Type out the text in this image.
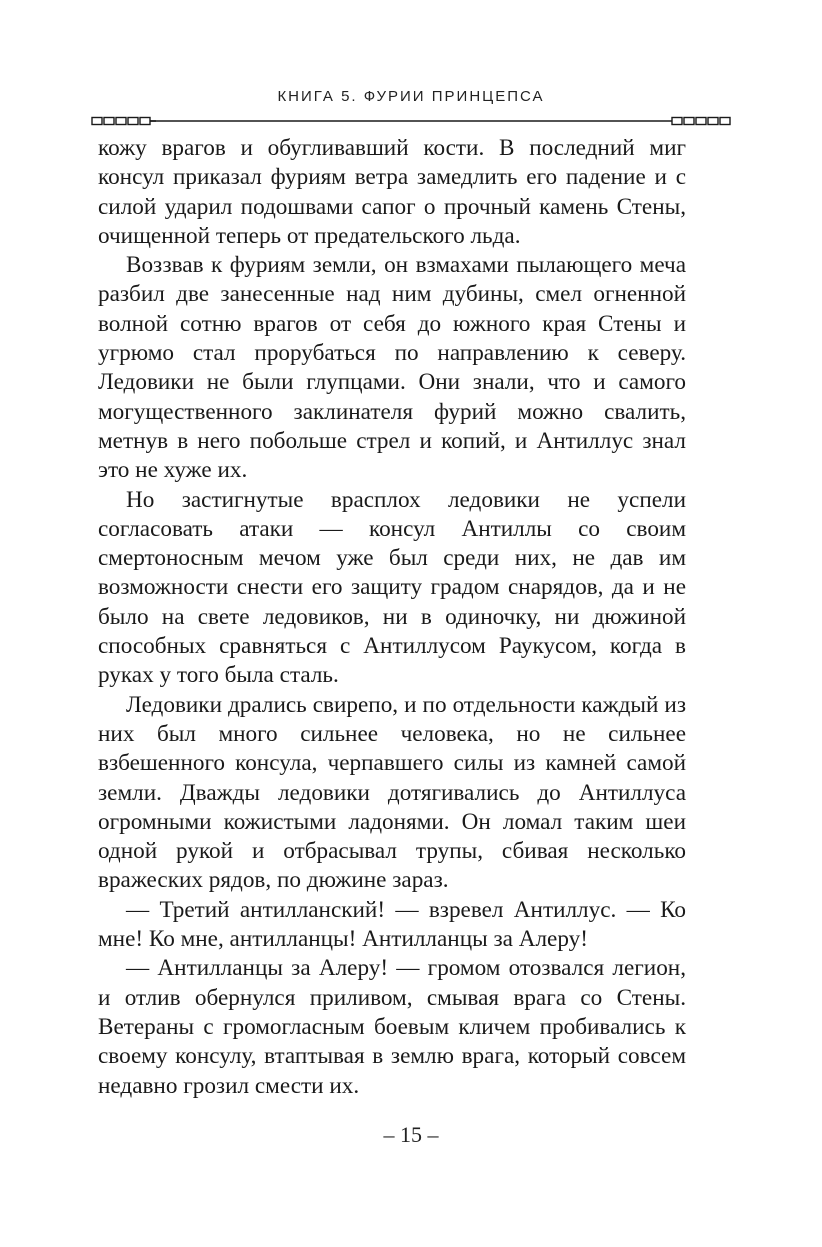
КНИГА 5. ФУРИИ ПРИНЦЕПСА

кожу врагов и обугливавший кости. В последний миг консул приказал фуриям ветра замедлить его падение и с силой ударил подошвами сапог о прочный камень Стены, очищенной теперь от предательского льда.

Воззвав к фуриям земли, он взмахами пылающего меча разбил две занесенные над ним дубины, смел огненной волной сотню врагов от себя до южного края Стены и угрюмо стал прорубаться по направлению к северу. Ледовики не были глупцами. Они знали, что и самого могущественного заклинателя фурий можно свалить, метнув в него побольше стрел и копий, и Антиллус знал это не хуже их.

Но застигнутые врасплох ледовики не успели согласовать атаки — консул Антиллы со своим смертоносным мечом уже был среди них, не дав им возможности снести его защиту градом снарядов, да и не было на свете ледовиков, ни в одиночку, ни дюжиной способных сравняться с Антиллусом Раукусом, когда в руках у того была сталь.

Ледовики дрались свирепо, и по отдельности каждый из них был много сильнее человека, но не сильнее взбешенного консула, черпавшего силы из камней самой земли. Дважды ледовики дотягивались до Антиллуса огромными кожистыми ладонями. Он ломал таким шеи одной рукой и отбрасывал трупы, сбивая несколько вражеских рядов, по дюжине зараз.

— Третий антилланский! — взревел Антиллус. — Ко мне! Ко мне, антилланцы! Антилланцы за Алеру!

— Антилланцы за Алеру! — громом отозвался легион, и отлив обернулся приливом, смывая врага со Стены. Ветераны с громогласным боевым кличем пробивались к своему консулу, втаптывая в землю врага, который совсем недавно грозил смести их.

– 15 –
